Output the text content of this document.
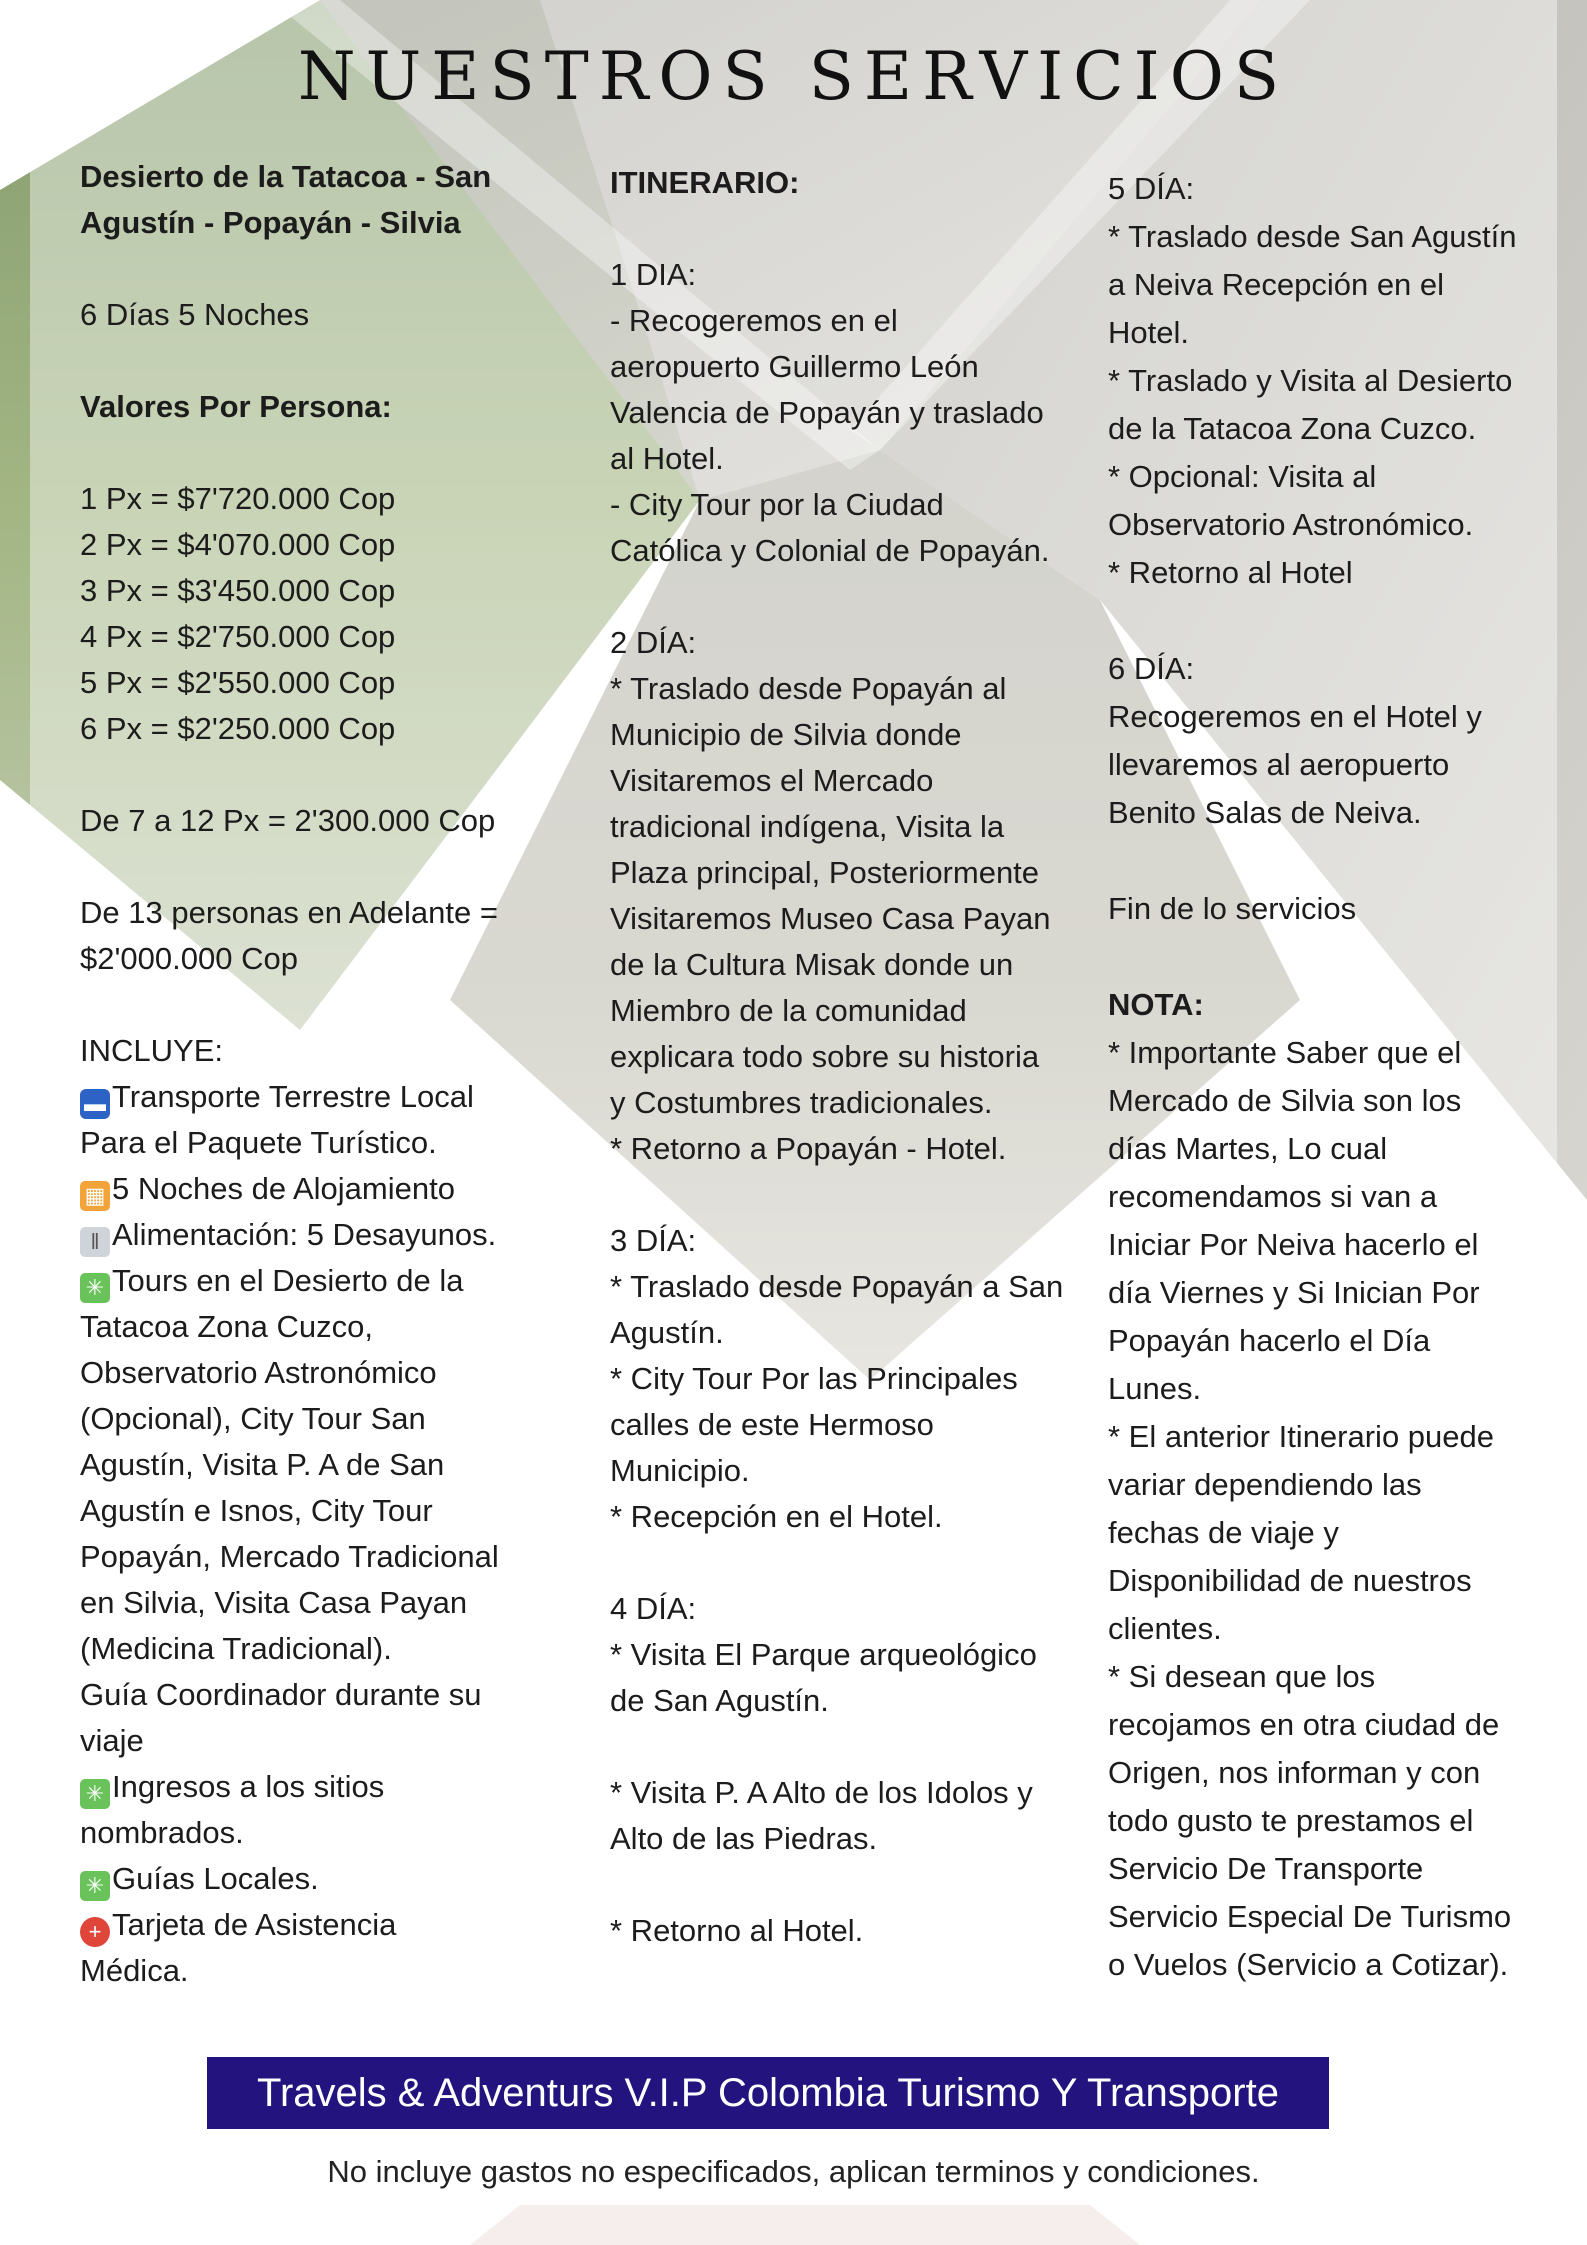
NUESTROS SERVICIOS
Desierto de la Tatacoa - San
Agustín - Popayán - Silvia
6 Días 5 Noches
Valores Por Persona:
1 Px = $7'720.000 Cop
2 Px = $4'070.000 Cop
3 Px = $3'450.000 Cop
4 Px = $2'750.000 Cop
5 Px = $2'550.000 Cop
6 Px = $2'250.000 Cop
De 7 a 12 Px = 2'300.000 Cop
De 13 personas en Adelante =
$2'000.000 Cop
INCLUYE:
▬ Transporte Terrestre Local
Para el Paquete Turístico.
▦ 5 Noches de Alojamiento
‖ Alimentación: 5 Desayunos.
✳ Tours en el Desierto de la
Tatacoa Zona Cuzco,
Observatorio Astronómico
(Opcional), City Tour San
Agustín, Visita P. A de San
Agustín e Isnos, City Tour
Popayán, Mercado Tradicional
en Silvia, Visita Casa Payan
(Medicina Tradicional).
Guía Coordinador durante su
viaje
✳ Ingresos a los sitios
nombrados.
✳ Guías Locales.
+ Tarjeta de Asistencia
Médica.
ITINERARIO:
1 DIA:
- Recogeremos en el
aeropuerto Guillermo León
Valencia de Popayán y traslado
al Hotel.
- City Tour por la Ciudad
Católica y Colonial de Popayán.
2 DÍA:
* Traslado desde Popayán al
Municipio de Silvia donde
Visitaremos el Mercado
tradicional indígena, Visita la
Plaza principal, Posteriormente
Visitaremos Museo Casa Payan
de la Cultura Misak donde un
Miembro de la comunidad
explicara todo sobre su historia
y Costumbres tradicionales.
* Retorno a Popayán - Hotel.
3 DÍA:
* Traslado desde Popayán a San
Agustín.
* City Tour Por las Principales
calles de este Hermoso
Municipio.
* Recepción en el Hotel.
4 DÍA:
* Visita El Parque arqueológico
de San Agustín.
* Visita P. A Alto de los Idolos y
Alto de las Piedras.
* Retorno al Hotel.
5 DÍA:
* Traslado desde San Agustín
a Neiva Recepción en el
Hotel.
* Traslado y Visita al Desierto
de la Tatacoa Zona Cuzco.
* Opcional: Visita al
Observatorio Astronómico.
* Retorno al Hotel
6 DÍA:
Recogeremos en el Hotel y
llevaremos al aeropuerto
Benito Salas de Neiva.
Fin de lo servicios
NOTA:
* Importante Saber que el
Mercado de Silvia son los
días Martes, Lo cual
recomendamos si van a
Iniciar Por Neiva hacerlo el
día Viernes y Si Inician Por
Popayán hacerlo el Día
Lunes.
* El anterior Itinerario puede
variar dependiendo las
fechas de viaje y
Disponibilidad de nuestros
clientes.
* Si desean que los
recojamos en otra ciudad de
Origen, nos informan y con
todo gusto te prestamos el
Servicio De Transporte
Servicio Especial De Turismo
o Vuelos (Servicio a Cotizar).
Travels & Adventurs V.I.P Colombia Turismo Y Transporte
No incluye gastos no especificados, aplican terminos y condiciones.
